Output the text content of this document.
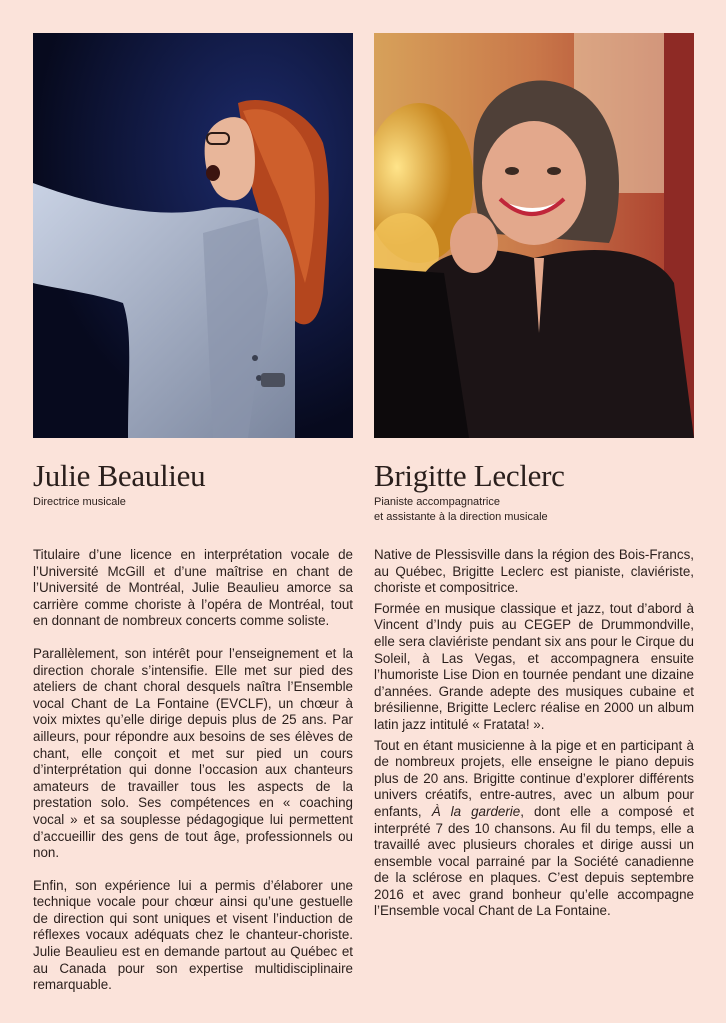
Julie Beaulieu
Directrice musicale

Titulaire d’une licence en interprétation vocale de l’Université McGill et d’une maîtrise en chant de l’Université de Montréal, Julie Beaulieu amorce sa carrière comme choriste à l’opéra de Montréal, tout en donnant de nombreux concerts comme soliste.

Parallèlement, son intérêt pour l’enseignement et la direction chorale s’intensifie. Elle met sur pied des ateliers de chant choral desquels naîtra l’Ensemble vocal Chant de La Fontaine (EVCLF), un chœur à voix mixtes qu’elle dirige depuis plus de 25 ans. Par ailleurs, pour répondre aux besoins de ses élèves de chant, elle conçoit et met sur pied un cours d’interprétation qui donne l’occasion aux chanteurs amateurs de travailler tous les aspects de la prestation solo. Ses compétences en « coaching vocal » et sa souplesse pédagogique lui permettent d’accueillir des gens de tout âge, professionnels ou non.

Enfin, son expérience lui a permis d’élaborer une technique vocale pour chœur ainsi qu’une gestuelle de direction qui sont uniques et visent l’induction de réflexes vocaux adéquats chez le chanteur-choriste. Julie Beaulieu est en demande partout au Québec et au Canada pour son expertise multidisciplinaire remarquable.

Brigitte Leclerc
Pianiste accompagnatrice
et assistante à la direction musicale

Native de Plessisville dans la région des Bois-Francs, au Québec, Brigitte Leclerc est pianiste, claviériste, choriste et compositrice.

Formée en musique classique et jazz, tout d’abord à Vincent d’Indy puis au CEGEP de Drummondville, elle sera claviériste pendant six ans pour le Cirque du Soleil, à Las Vegas, et accompagnera ensuite l’humoriste Lise Dion en tournée pendant une dizaine d’années. Grande adepte des musiques cubaine et brésilienne, Brigitte Leclerc réalise en 2000 un album latin jazz intitulé « Fratata! ».

Tout en étant musicienne à la pige et en participant à de nombreux projets, elle enseigne le piano depuis plus de 20 ans. Brigitte continue d’explorer différents univers créatifs, entre-autres, avec un album pour enfants, À la garderie, dont elle a composé et interprété 7 des 10 chansons. Au fil du temps, elle a travaillé avec plusieurs chorales et dirige aussi un ensemble vocal parrainé par la Société canadienne de la sclérose en plaques. C’est depuis septembre 2016 et avec grand bonheur qu’elle accompagne l’Ensemble vocal Chant de La Fontaine.
